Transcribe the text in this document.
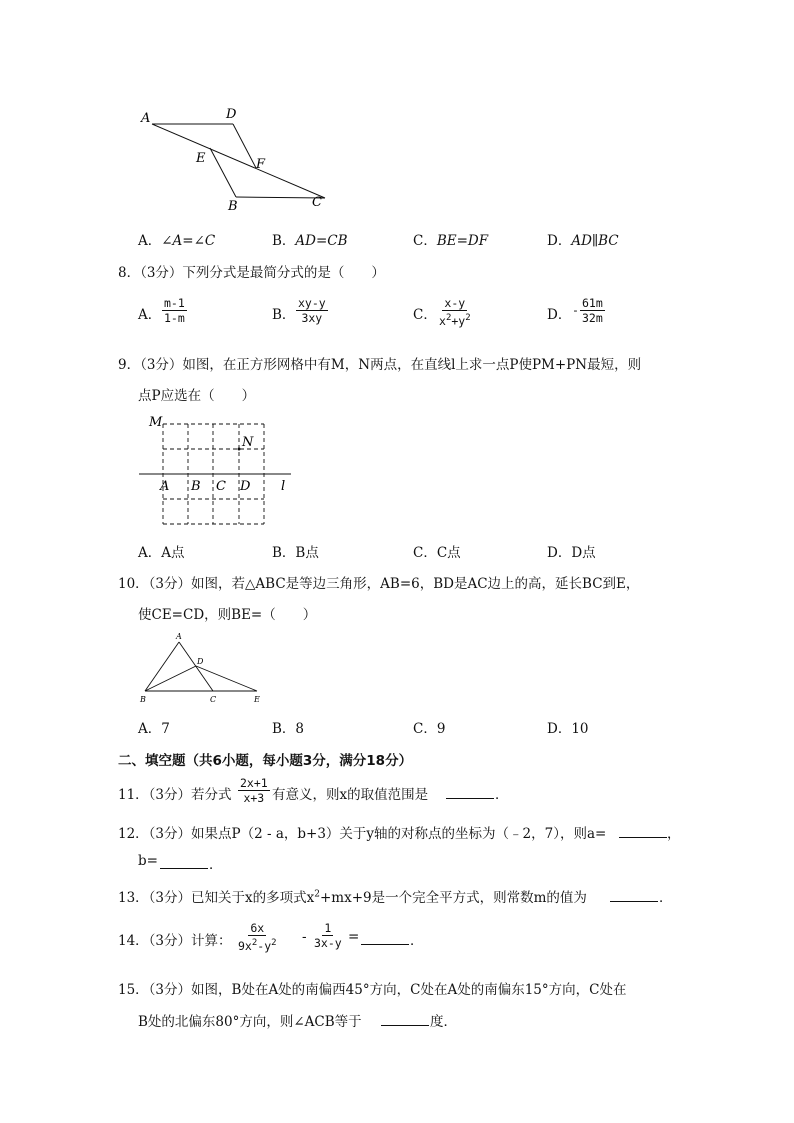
A	D
E	F
B	C
A．∠A=∠C	B．AD=CB	C．BE=DF	D．AD∥BC
8．（3分）下列分式是最简分式的是（　　）
A． $\frac{m-1}{1-m}$	B． $\frac{xy-y}{3xy}$	C． $\frac{x-y}{x^2+y^2}$	D． - $\frac{61m}{32m}$
9．（3分）如图，在正方形网格中有M，N两点，在直线l上求一点P使PM+PN最短，则
点P应选在（　　）
M
N
A B C D l
A．A点	B．B点	C．C点	D．D点
10．（3分）如图，若△ABC是等边三角形，AB=6，BD是AC边上的高，延长BC到E，
使CE=CD，则BE=（　　）
A
D
B	C	E
A．7	B．8	C．9	D．10
二、填空题（共6小题，每小题3分，满分18分）
11．（3分）若分式 $\frac{2x+1}{x+3}$ 有意义，则x的取值范围是	．
12．（3分）如果点P（2 - a，b+3）关于y轴的对称点的坐标为（﹣2，7），则a=	，
b=	．
13．（3分）已知关于x的多项式$x^2+mx+9$是一个完全平方式，则常数m的值为	．
14．（3分）计算： $\frac{6x}{9x^2-y^2} - \frac{1}{3x-y}$ =	．
15．（3分）如图，B处在A处的南偏西45°方向，C处在A处的南偏东15°方向，C处在
B处的北偏东80°方向，则∠ACB等于	度．
